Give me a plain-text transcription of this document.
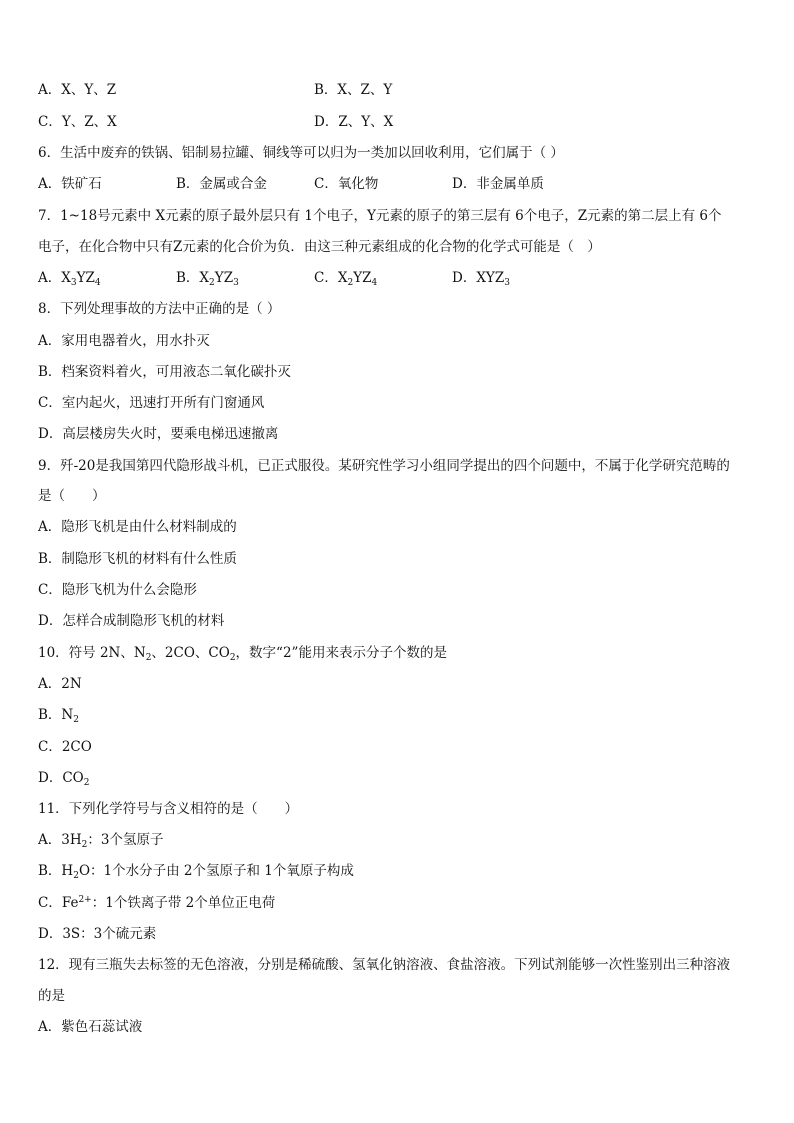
A．X、Y、Z	B．X、Z、Y
C．Y、Z、X	D．Z、Y、X
6．生活中废弃的铁锅、铝制易拉罐、铜线等可以归为一类加以回收利用，它们属于（ ）
A．铁矿石	B．金属或合金	C．氧化物	D．非金属单质
7．1~18号元素中 X元素的原子最外层只有 1个电子，Y元素的原子的第三层有 6个电子，Z元素的第二层上有 6个
电子，在化合物中只有Z元素的化合价为负．由这三种元素组成的化合物的化学式可能是（　）
A．$X_3YZ_4$	B．$X_2YZ_3$	C．$X_2YZ_4$	D．$XYZ_3$
8．下列处理事故的方法中正确的是（ ）
A．家用电器着火，用水扑灭
B．档案资料着火，可用液态二氧化碳扑灭
C．室内起火，迅速打开所有门窗通风
D．高层楼房失火时，要乘电梯迅速撤离
9．歼-20是我国第四代隐形战斗机，已正式服役。某研究性学习小组同学提出的四个问题中，不属于化学研究范畴的
是（　　）
A．隐形飞机是由什么材料制成的
B．制隐形飞机的材料有什么性质
C．隐形飞机为什么会隐形
D．怎样合成制隐形飞机的材料
10．符号 2N、$N_2$、2CO、$CO_2$，数字“2”能用来表示分子个数的是
A．2N
B．$N_2$
C．2CO
D．$CO_2$
11．下列化学符号与含义相符的是（　　）
A．$3H_2$：3个氢原子
B．$H_2O$：1个水分子由 2个氢原子和 1个氧原子构成
C．$Fe^{2+}$：1个铁离子带 2个单位正电荷
D．3S：3个硫元素
12．现有三瓶失去标签的无色溶液，分别是稀硫酸、氢氧化钠溶液、食盐溶液。下列试剂能够一次性鉴别出三种溶液
的是
A．紫色石蕊试液
